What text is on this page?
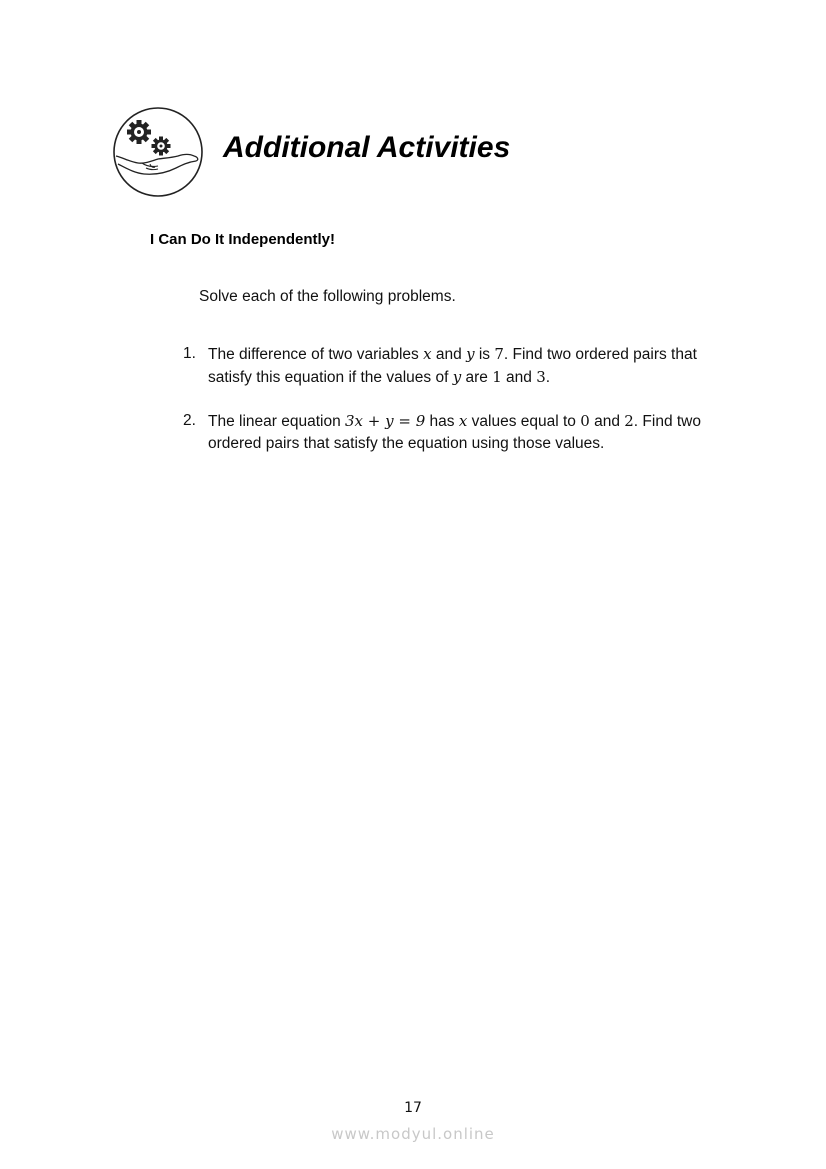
Additional Activities
I Can Do It Independently!
Solve each of the following problems.
1. The difference of two variables x and y is 7. Find two ordered pairs that
satisfy this equation if the values of y are 1 and 3.
2. The linear equation 3x + y = 9 has x values equal to 0 and 2. Find two
ordered pairs that satisfy the equation using those values.
17
www.modyul.online
